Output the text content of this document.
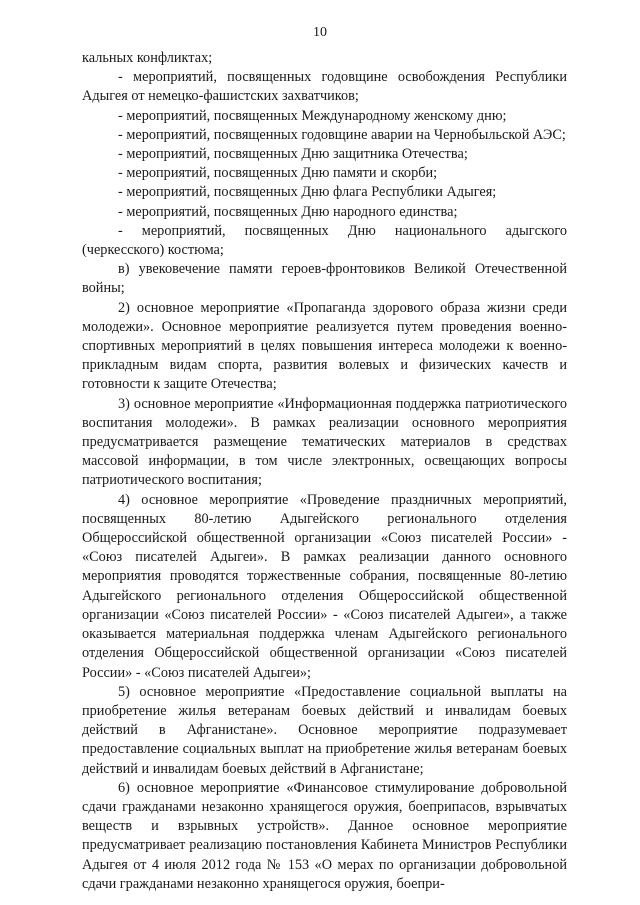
10

кальных конфликтах;

- мероприятий, посвященных годовщине освобождения Республики Адыгея от немецко-фашистских захватчиков;

- мероприятий, посвященных Международному женскому дню;

- мероприятий, посвященных годовщине аварии на Чернобыльской АЭС;

- мероприятий, посвященных Дню защитника Отечества;

- мероприятий, посвященных Дню памяти и скорби;

- мероприятий, посвященных Дню флага Республики Адыгея;

- мероприятий, посвященных Дню народного единства;

- мероприятий, посвященных Дню национального адыгского (черкесского) костюма;

в) увековечение памяти героев-фронтовиков Великой Отечественной войны;

2) основное мероприятие «Пропаганда здорового образа жизни среди молодежи». Основное мероприятие реализуется путем проведения военно-спортивных мероприятий в целях повышения интереса молодежи к военно-прикладным видам спорта, развития волевых и физических качеств и готовности к защите Отечества;

3) основное мероприятие «Информационная поддержка патриотического воспитания молодежи». В рамках реализации основного мероприятия предусматривается размещение тематических материалов в средствах массовой информации, в том числе электронных, освещающих вопросы патриотического воспитания;

4) основное мероприятие «Проведение праздничных мероприятий, посвященных 80-летию Адыгейского регионального отделения Общероссийской общественной организации «Союз писателей России» - «Союз писателей Адыгеи». В рамках реализации данного основного мероприятия проводятся торжественные собрания, посвященные 80-летию Адыгейского регионального отделения Общероссийской общественной организации «Союз писателей России» - «Союз писателей Адыгеи», а также оказывается материальная поддержка членам Адыгейского регионального отделения Общероссийской общественной организации «Союз писателей России» - «Союз писателей Адыгеи»;

5) основное мероприятие «Предоставление социальной выплаты на приобретение жилья ветеранам боевых действий и инвалидам боевых действий в Афганистане». Основное мероприятие подразумевает предоставление социальных выплат на приобретение жилья ветеранам боевых действий и инвалидам боевых действий в Афганистане;

6) основное мероприятие «Финансовое стимулирование добровольной сдачи гражданами незаконно хранящегося оружия, боеприпасов, взрывчатых веществ и взрывных устройств». Данное основное мероприятие предусматривает реализацию постановления Кабинета Министров Республики Адыгея от 4 июля 2012 года № 153 «О мерах по организации добровольной сдачи гражданами незаконно хранящегося оружия, боепри-
